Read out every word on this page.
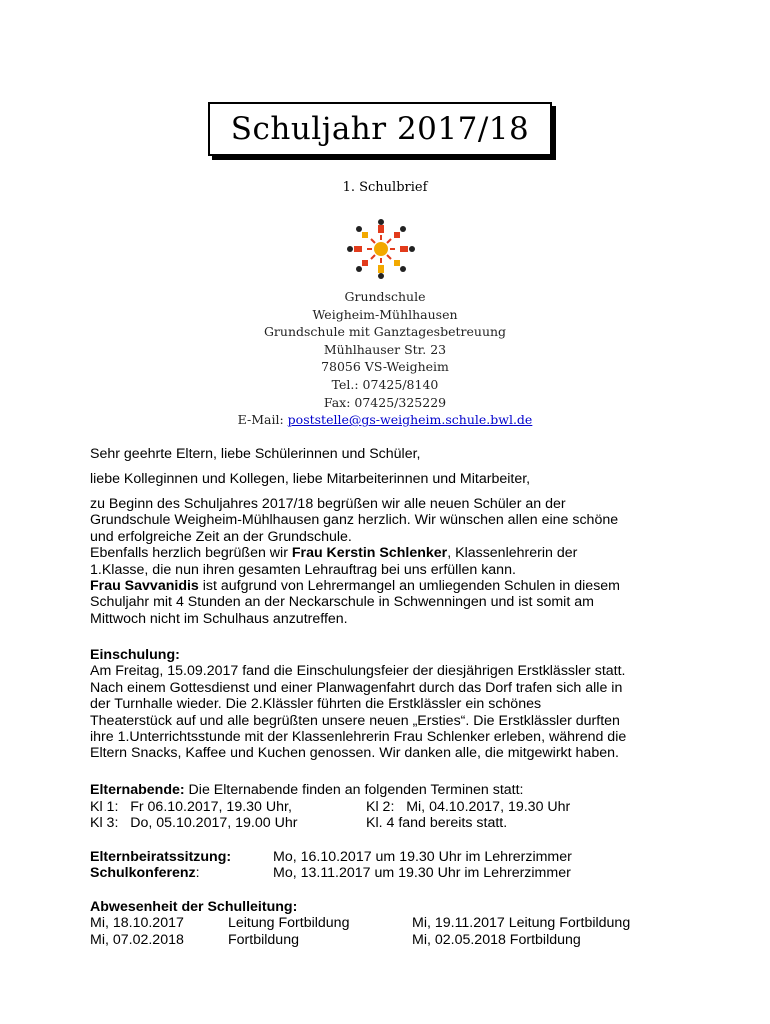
Schuljahr 2017/18
1. Schulbrief
Grundschule
Weigheim-Mühlhausen
Grundschule mit Ganztagesbetreuung
Mühlhauser Str. 23
78056 VS-Weigheim
Tel.: 07425/8140
Fax: 07425/325229
E-Mail: poststelle@gs-weigheim.schule.bwl.de
Sehr geehrte Eltern, liebe Schülerinnen und Schüler,
liebe Kolleginnen und Kollegen, liebe Mitarbeiterinnen und Mitarbeiter,
zu Beginn des Schuljahres 2017/18 begrüßen wir alle neuen Schüler an der
Grundschule Weigheim-Mühlhausen ganz herzlich. Wir wünschen allen eine schöne
und erfolgreiche Zeit an der Grundschule.
Ebenfalls herzlich begrüßen wir Frau Kerstin Schlenker, Klassenlehrerin der
1.Klasse, die nun ihren gesamten Lehrauftrag bei uns erfüllen kann.
Frau Savvanidis ist aufgrund von Lehrermangel an umliegenden Schulen in diesem
Schuljahr mit 4 Stunden an der Neckarschule in Schwenningen und ist somit am
Mittwoch nicht im Schulhaus anzutreffen.
Einschulung:
Am Freitag, 15.09.2017 fand die Einschulungsfeier der diesjährigen Erstklässler statt.
Nach einem Gottesdienst und einer Planwagenfahrt durch das Dorf trafen sich alle in
der Turnhalle wieder. Die 2.Klässler führten die Erstklässler ein schönes
Theaterstück auf und alle begrüßten unsere neuen „Ersties“. Die Erstklässler durften
ihre 1.Unterrichtsstunde mit der Klassenlehrerin Frau Schlenker erleben, während die
Eltern Snacks, Kaffee und Kuchen genossen. Wir danken alle, die mitgewirkt haben.
Elternabende: Die Elternabende finden an folgenden Terminen statt:
Kl 1:   Fr 06.10.2017, 19.30 Uhr,	Kl 2:   Mi, 04.10.2017, 19.30 Uhr
Kl 3:   Do, 05.10.2017, 19.00 Uhr	Kl. 4 fand bereits statt.
Elternbeiratssitzung:	Mo, 16.10.2017 um 19.30 Uhr im Lehrerzimmer
Schulkonferenz:	Mo, 13.11.2017 um 19.30 Uhr im Lehrerzimmer
Abwesenheit der Schulleitung:
Mi, 18.10.2017	Leitung Fortbildung	Mi, 19.11.2017 Leitung Fortbildung
Mi, 07.02.2018	Fortbildung	Mi, 02.05.2018 Fortbildung
